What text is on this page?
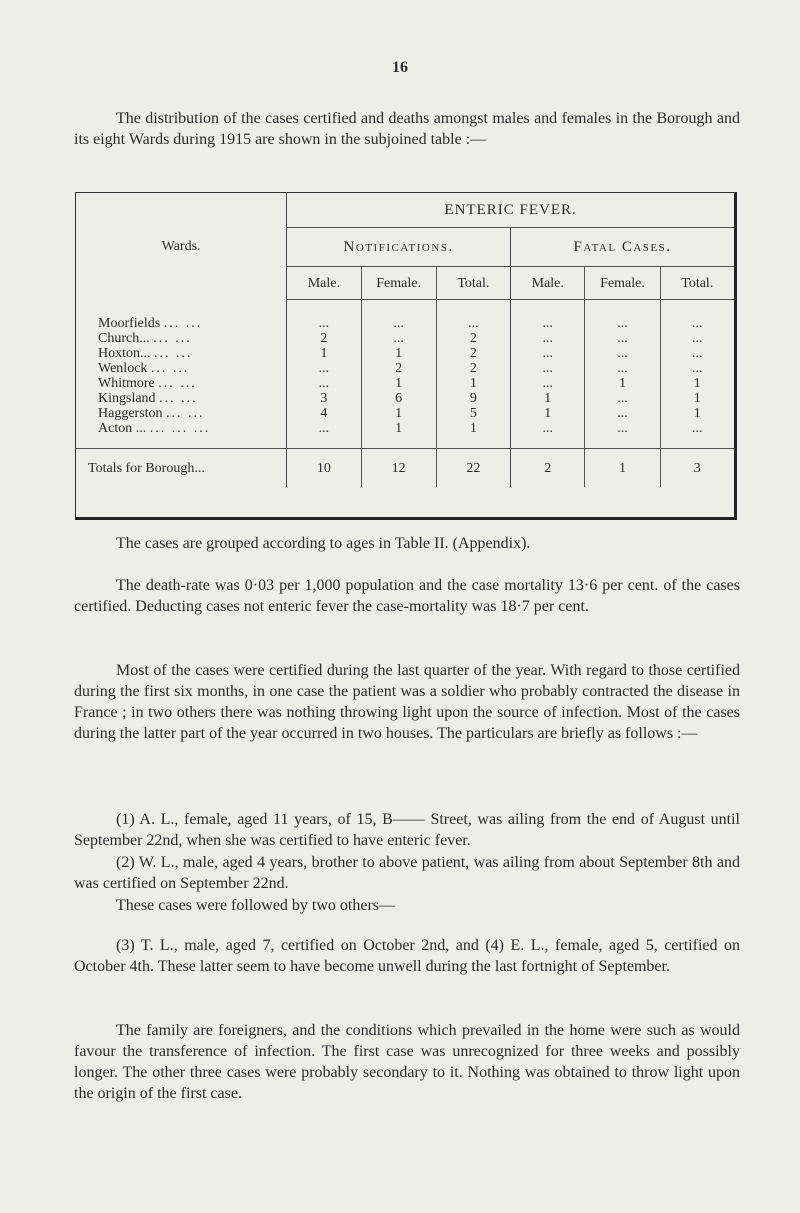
16

The distribution of the cases certified and deaths amongst males and females in the Borough and its eight Wards during 1915 are shown in the subjoined table :—

Wards.	ENTERIC FEVER.					
	Notifications.			Fatal Cases.		
	Male.	Female.	Total.	Male.	Female.	Total.
Moorfields ... ...	...	...	...	...	...	...
Church... ... ...	2	...	2	...	...	...
Hoxton... ... ...	1	1	2	...	...	...
Wenlock ... ...	...	2	2	...	...	...
Whitmore ... ...	...	1	1	...	1	1
Kingsland ... ...	3	6	9	1	...	1
Haggerston ... ...	4	1	5	1	...	1
Acton ... ... ... ...	...	1	1	...	...	...
Totals for Borough...	10	12	22	2	1	3

The cases are grouped according to ages in Table II. (Appendix).

The death-rate was 0·03 per 1,000 population and the case mortality 13·6 per cent. of the cases certified. Deducting cases not enteric fever the case-mortality was 18·7 per cent.

Most of the cases were certified during the last quarter of the year. With regard to those certified during the first six months, in one case the patient was a soldier who probably contracted the disease in France ; in two others there was nothing throwing light upon the source of infection. Most of the cases during the latter part of the year occurred in two houses. The particulars are briefly as follows :—

(1) A. L., female, aged 11 years, of 15, B—— Street, was ailing from the end of August until September 22nd, when she was certified to have enteric fever.

(2) W. L., male, aged 4 years, brother to above patient, was ailing from about September 8th and was certified on September 22nd.

These cases were followed by two others—

(3) T. L., male, aged 7, certified on October 2nd, and (4) E. L., female, aged 5, certified on October 4th. These latter seem to have become unwell during the last fortnight of September.

The family are foreigners, and the conditions which prevailed in the home were such as would favour the transference of infection. The first case was unrecognized for three weeks and possibly longer. The other three cases were probably secondary to it. Nothing was obtained to throw light upon the origin of the first case.
